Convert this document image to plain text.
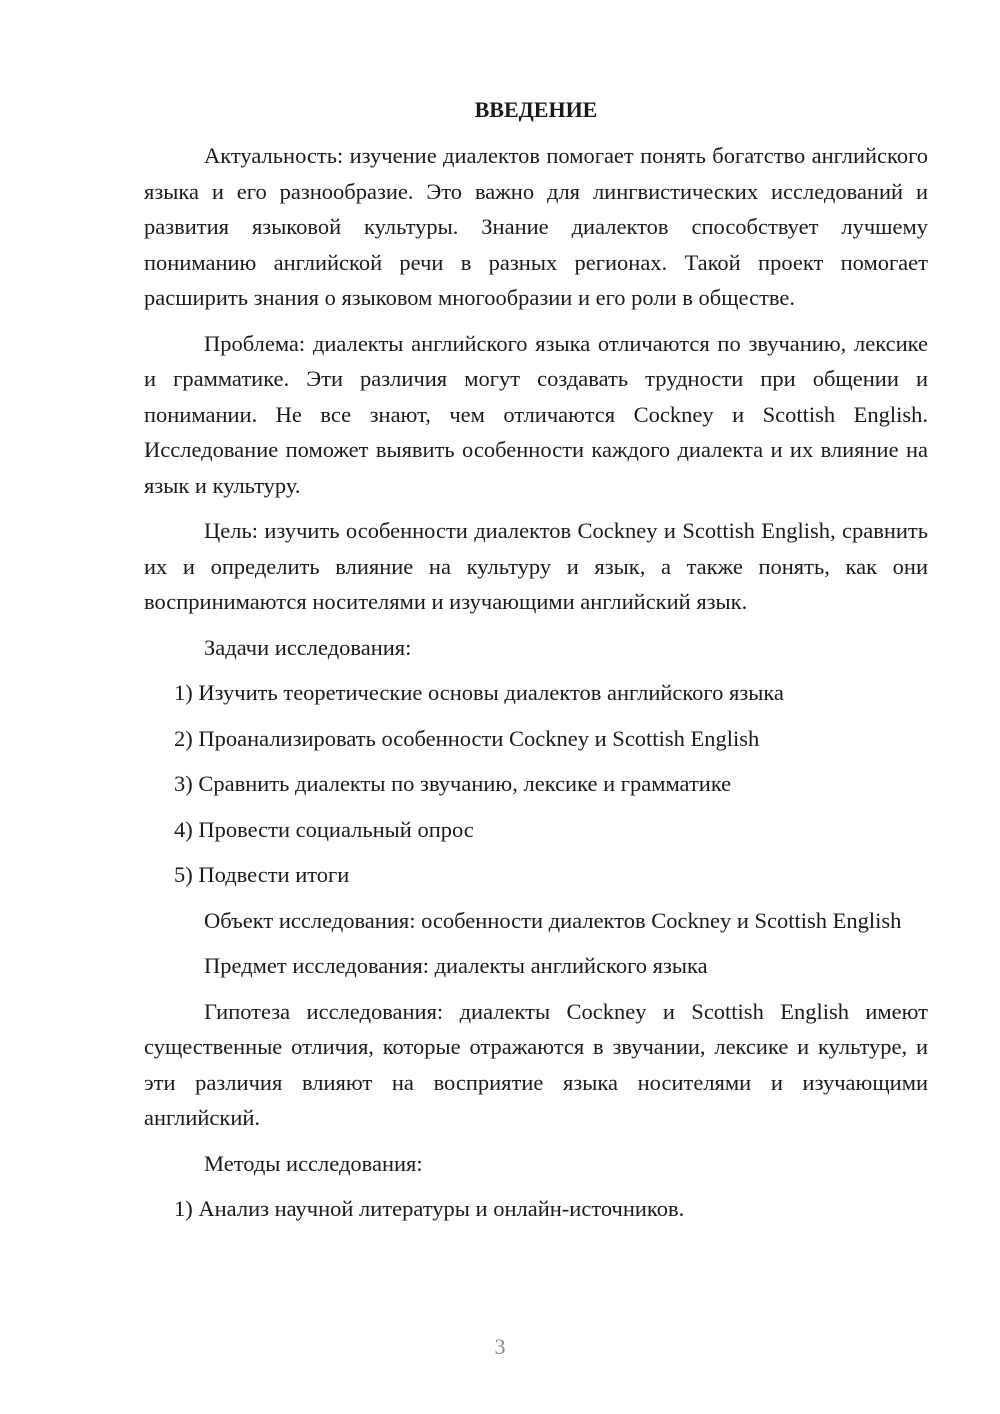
ВВЕДЕНИЕ

Актуальность: изучение диалектов помогает понять богатство английского языка и его разнообразие. Это важно для лингвистических исследований и развития языковой культуры. Знание диалектов способствует лучшему пониманию английской речи в разных регионах. Такой проект помогает расширить знания о языковом многообразии и его роли в обществе.

Проблема: диалекты английского языка отличаются по звучанию, лексике и грамматике. Эти различия могут создавать трудности при общении и понимании. Не все знают, чем отличаются Cockney и Scottish English. Исследование поможет выявить особенности каждого диалекта и их влияние на язык и культуру.

Цель: изучить особенности диалектов Cockney и Scottish English, сравнить их и определить влияние на культуру и язык, а также понять, как они воспринимаются носителями и изучающими английский язык.

Задачи исследования:

1) Изучить теоретические основы диалектов английского языка

2) Проанализировать особенности Cockney и Scottish English

3) Сравнить диалекты по звучанию, лексике и грамматике

4) Провести социальный опрос

5) Подвести итоги

Объект исследования: особенности диалектов Cockney и Scottish English

Предмет исследования: диалекты английского языка

Гипотеза исследования: диалекты Cockney и Scottish English имеют существенные отличия, которые отражаются в звучании, лексике и культуре, и эти различия влияют на восприятие языка носителями и изучающими английский.

Методы исследования:

1) Анализ научной литературы и онлайн-источников.

3
